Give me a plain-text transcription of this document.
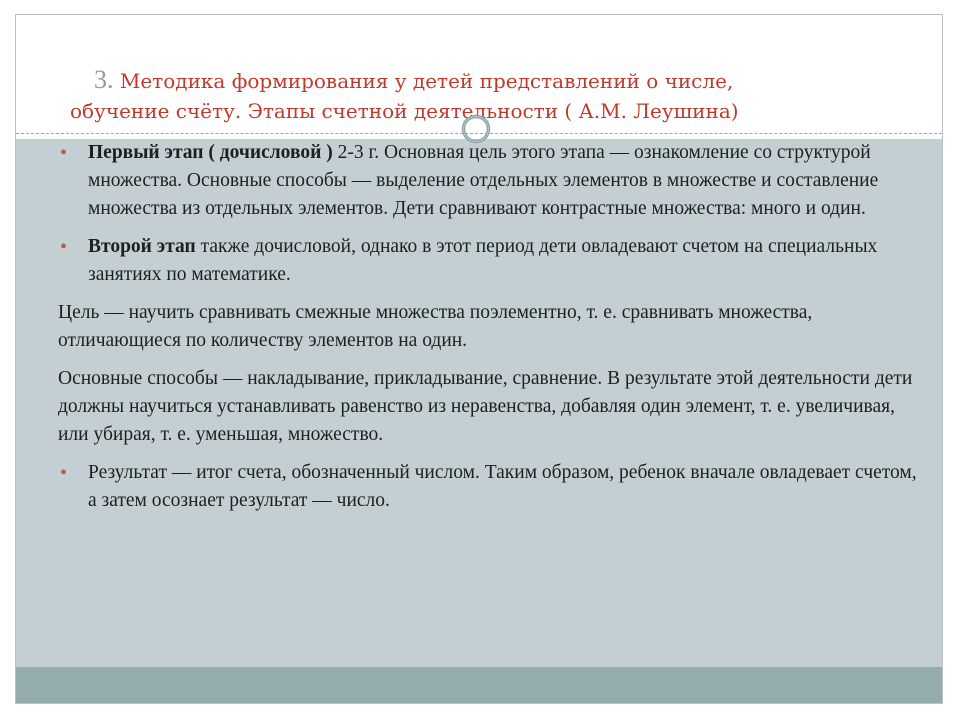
3. Методика формирования у детей представлений о числе,
обучение счёту. Этапы счетной деятельности ( А.М. Леушина)

• Первый этап ( дочисловой ) 2-3 г. Основная цель этого этапа — ознакомление со структурой множества. Основные способы — выделение отдельных элементов в множестве и составление множества из отдельных элементов. Дети сравнивают контрастные множества: много и один.

• Второй этап также дочисловой, однако в этот период дети овладевают счетом на специальных занятиях по математике.

Цель — научить сравнивать смежные множества поэлементно, т. е. сравнивать множества, отличающиеся по количеству элементов на один.

Основные способы — накладывание, прикладывание, сравнение. В результате этой деятельности дети должны научиться устанавливать равенство из неравенства, добавляя один элемент, т. е. увеличивая, или убирая, т. е. уменьшая, множество.

• Результат — итог счета, обозначенный числом. Таким образом, ребенок вначале овладевает счетом, а затем осознает результат — число.
